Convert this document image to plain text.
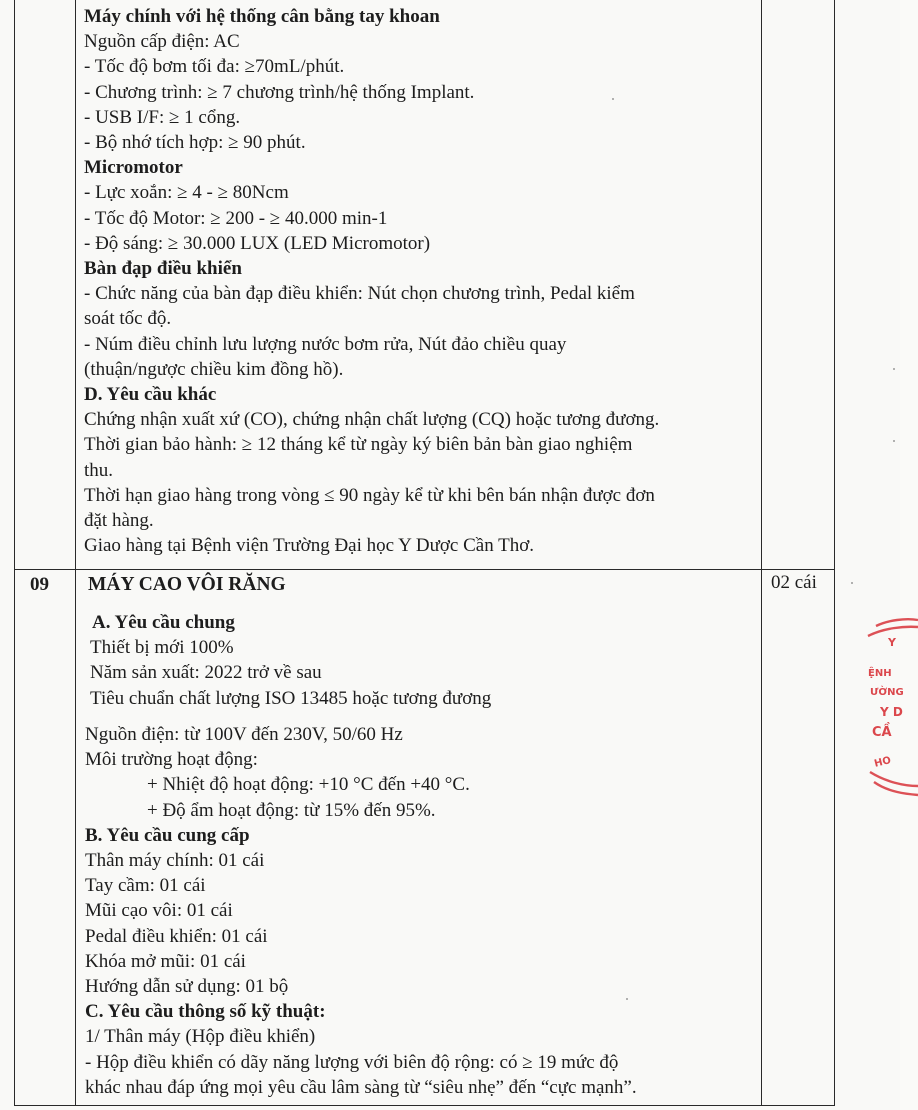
Máy chính với hệ thống cân bằng tay khoan
Nguồn cấp điện: AC
- Tốc độ bơm tối đa: ≥70mL/phút.
- Chương trình: ≥ 7 chương trình/hệ thống Implant.
- USB I/F: ≥ 1 cổng.
- Bộ nhớ tích hợp: ≥ 90 phút.
Micromotor
- Lực xoắn: ≥ 4 - ≥ 80Ncm
- Tốc độ Motor: ≥ 200 - ≥ 40.000 min-1
- Độ sáng: ≥ 30.000 LUX (LED Micromotor)
Bàn đạp điều khiển
- Chức năng của bàn đạp điều khiển: Nút chọn chương trình, Pedal kiểm
soát tốc độ.
- Núm điều chỉnh lưu lượng nước bơm rửa, Nút đảo chiều quay
(thuận/ngược chiều kim đồng hồ).
D. Yêu cầu khác
Chứng nhận xuất xứ (CO), chứng nhận chất lượng (CQ) hoặc tương đương.
Thời gian bảo hành: ≥ 12 tháng kể từ ngày ký biên bản bàn giao nghiệm
thu.
Thời hạn giao hàng trong vòng ≤ 90 ngày kể từ khi bên bán nhận được đơn
đặt hàng.
Giao hàng tại Bệnh viện Trường Đại học Y Dược Cần Thơ.
09 MÁY CAO VÔI RĂNG	02 cái
A. Yêu cầu chung
Thiết bị mới 100%
Năm sản xuất: 2022 trở về sau
Tiêu chuẩn chất lượng ISO 13485 hoặc tương đương
Nguồn điện: từ 100V đến 230V, 50/60 Hz
Môi trường hoạt động:
+ Nhiệt độ hoạt động: +10 °C đến +40 °C.
+ Độ ẩm hoạt động: từ 15% đến 95%.
B. Yêu cầu cung cấp
Thân máy chính: 01 cái
Tay cầm: 01 cái
Mũi cạo vôi: 01 cái
Pedal điều khiển: 01 cái
Khóa mở mũi: 01 cái
Hướng dẫn sử dụng: 01 bộ
C. Yêu cầu thông số kỹ thuật:
1/ Thân máy (Hộp điều khiển)
- Hộp điều khiển có dãy năng lượng với biên độ rộng: có ≥ 19 mức độ
khác nhau đáp ứng mọi yêu cầu lâm sàng từ “siêu nhẹ” đến “cực mạnh”.
Y
ỆNH
ƯỜNG
Y D
CẦ
HO
